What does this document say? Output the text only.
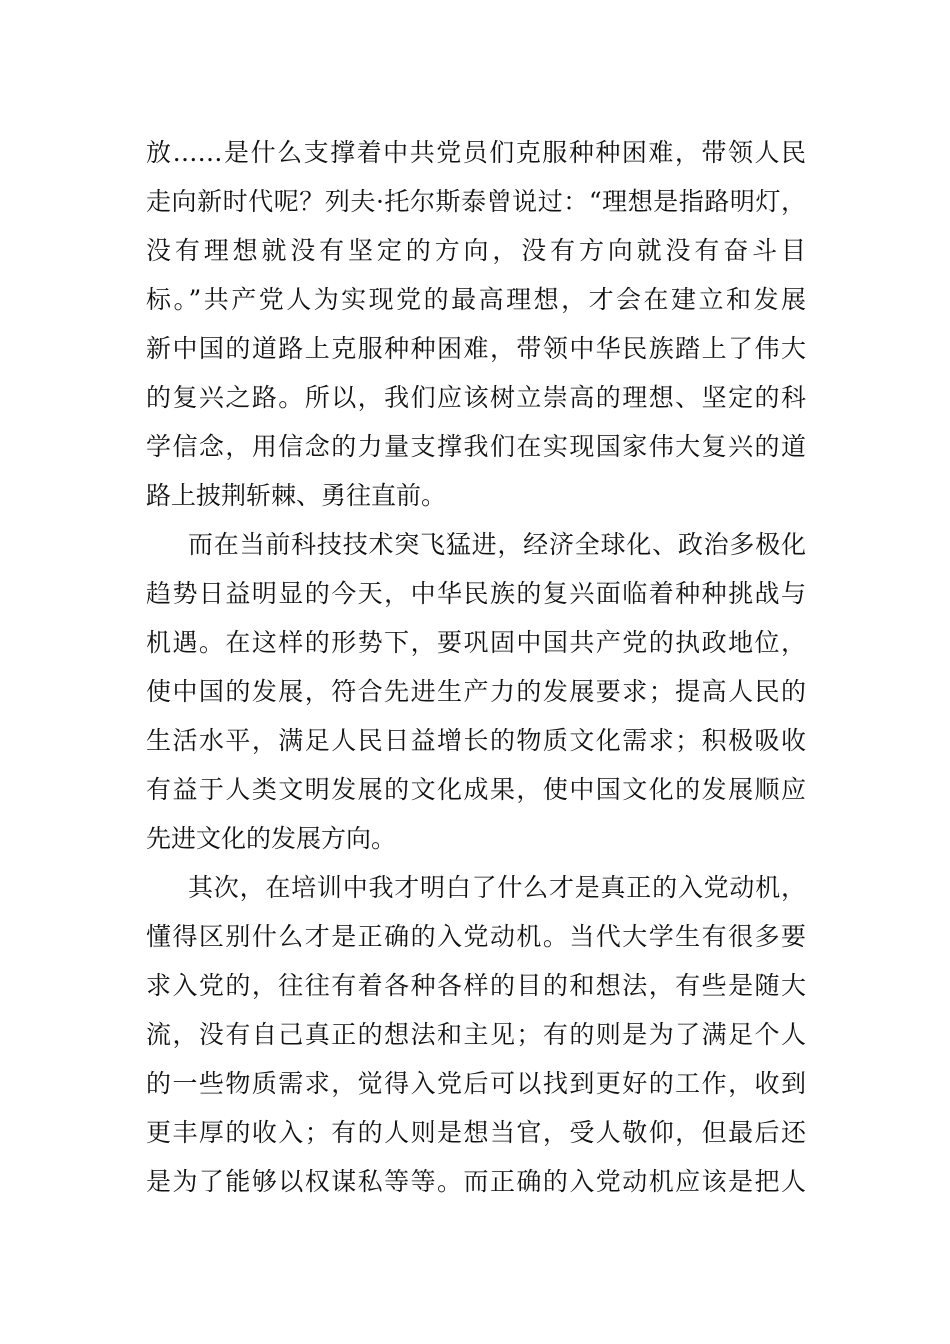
放……是什么支撑着中共党员们克服种种困难，带领人民
走向新时代呢？列夫·托尔斯泰曾说过：“理想是指路明灯，
没有理想就没有坚定的方向，没有方向就没有奋斗目
标。”共产党人为实现党的最高理想，才会在建立和发展
新中国的道路上克服种种困难，带领中华民族踏上了伟大
的复兴之路。所以，我们应该树立崇高的理想、坚定的科
学信念，用信念的力量支撑我们在实现国家伟大复兴的道
路上披荆斩棘、勇往直前。
而在当前科技技术突飞猛进，经济全球化、政治多极化
趋势日益明显的今天，中华民族的复兴面临着种种挑战与
机遇。在这样的形势下，要巩固中国共产党的执政地位，
使中国的发展，符合先进生产力的发展要求；提高人民的
生活水平，满足人民日益增长的物质文化需求；积极吸收
有益于人类文明发展的文化成果，使中国文化的发展顺应
先进文化的发展方向。
其次，在培训中我才明白了什么才是真正的入党动机，
懂得区别什么才是正确的入党动机。当代大学生有很多要
求入党的，往往有着各种各样的目的和想法，有些是随大
流，没有自己真正的想法和主见；有的则是为了满足个人
的一些物质需求，觉得入党后可以找到更好的工作，收到
更丰厚的收入；有的人则是想当官，受人敬仰，但最后还
是为了能够以权谋私等等。而正确的入党动机应该是把人
